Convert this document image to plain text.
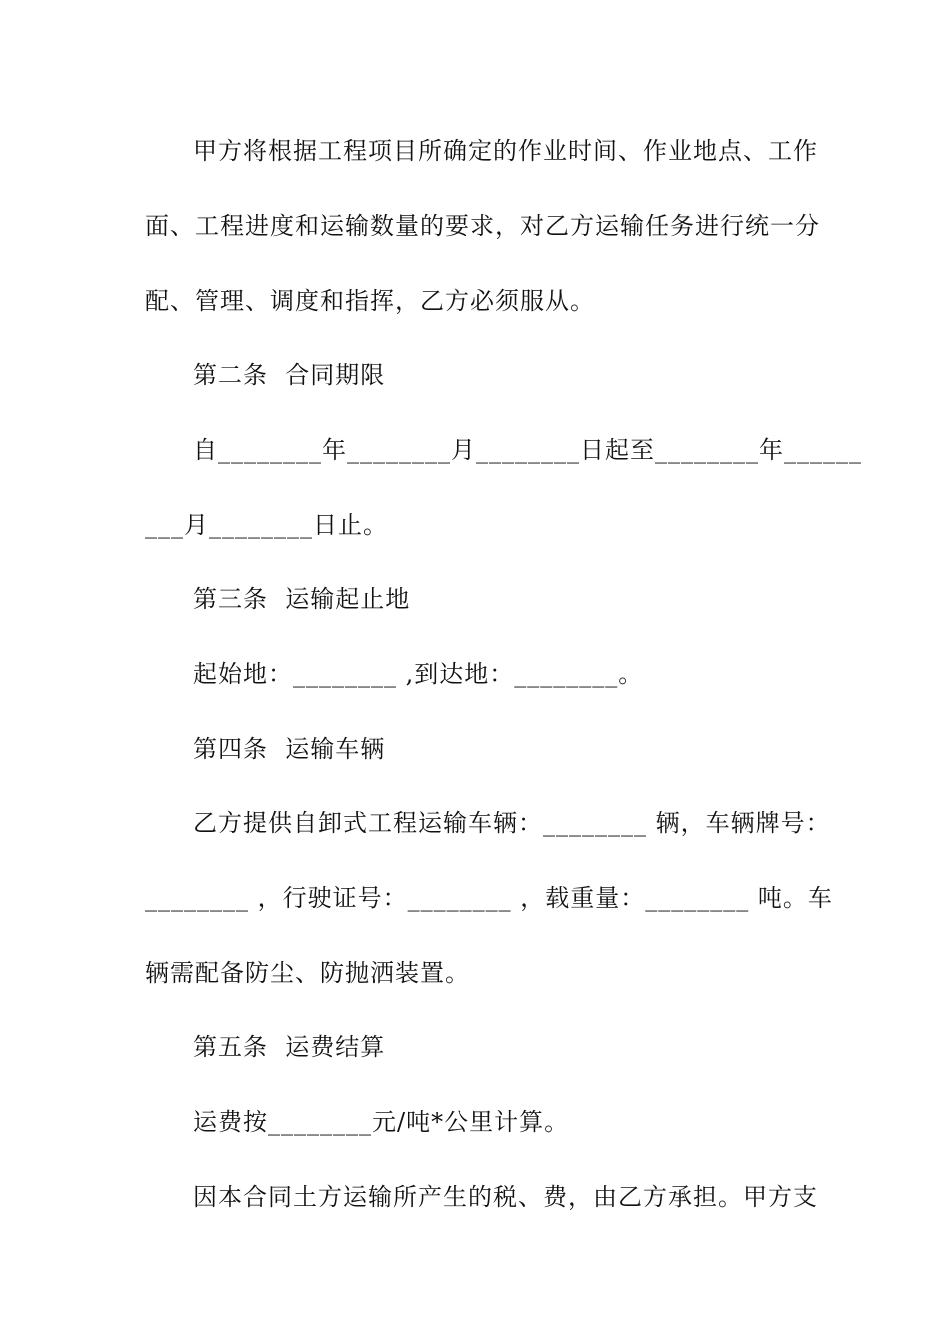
甲方将根据工程项目所确定的作业时间、作业地点、工作
面、工程进度和运输数量的要求，对乙方运输任务进行统一分
配、管理、调度和指挥，乙方必须服从。
第二条  合同期限
自________年________月________日起至________年______
___月________日止。
第三条  运输起止地
起始地：________ ,到达地：________。
第四条  运输车辆
乙方提供自卸式工程运输车辆：________ 辆，车辆牌号：
________ ，行驶证号：________ ，载重量：________ 吨。车
辆需配备防尘、防抛洒装置。
第五条  运费结算
运费按________元/吨*公里计算。
因本合同土方运输所产生的税、费，由乙方承担。甲方支
